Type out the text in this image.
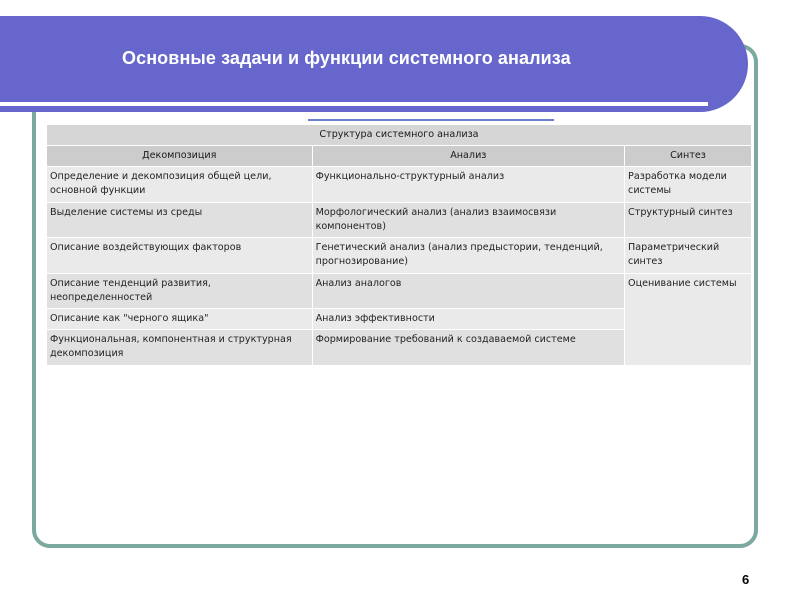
Основные задачи и функции системного анализа
Структура системного анализа		
Декомпозиция	Анализ	Синтез
Определение и декомпозиция общей цели, основной функции	Функционально-структурный анализ	Разработка модели системы
Выделение системы из среды	Морфологический анализ (анализ взаимосвязи компонентов)	Структурный синтез
Описание воздействующих факторов	Генетический анализ (анализ предыстории, тенденций, прогнозирование)	Параметрический синтез
Описание тенденций развития, неопределенностей	Анализ аналогов	Оценивание системы
Описание как "черного ящика"	Анализ эффективности	
Функциональная, компонентная и структурная декомпозиция	Формирование требований к создаваемой системе	
6
